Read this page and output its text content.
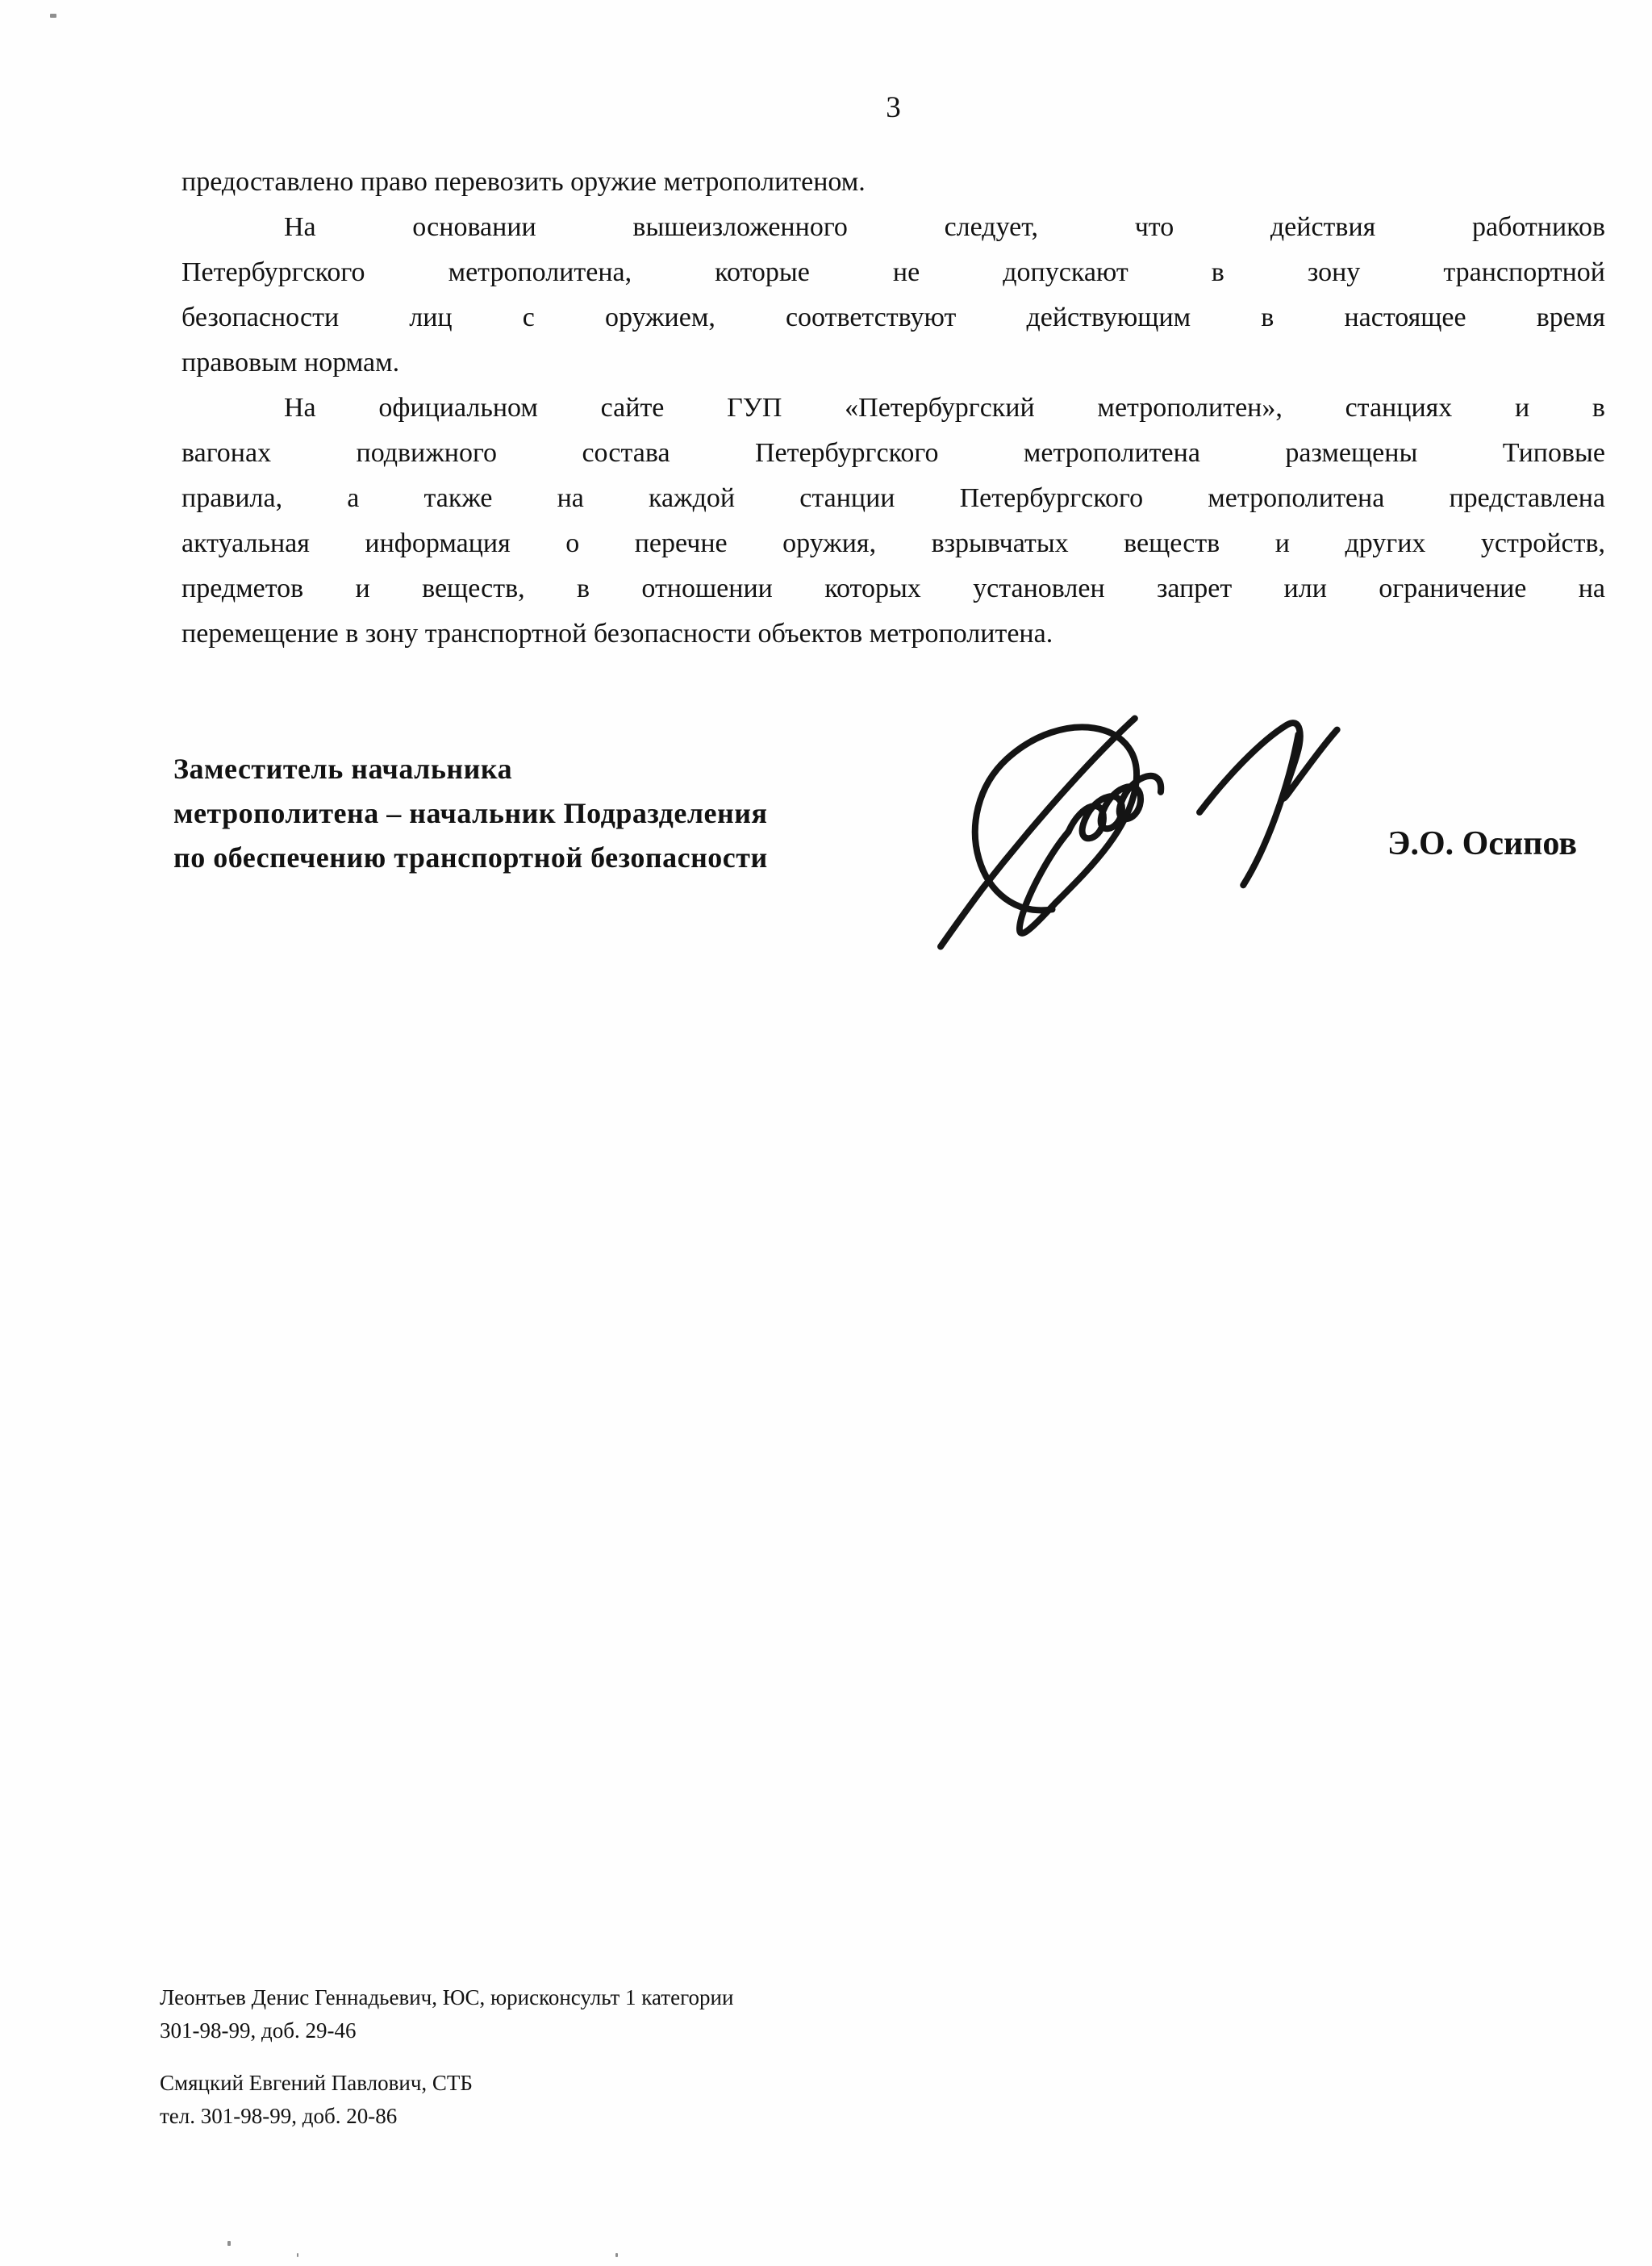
3
предоставлено право перевозить оружие метрополитеном.
На основании вышеизложенного следует, что действия работников
Петербургского метрополитена, которые не допускают в зону транспортной
безопасности лиц с оружием, соответствуют действующим в настоящее время
правовым нормам.
На официальном сайте ГУП «Петербургский метрополитен», станциях и в
вагонах подвижного состава Петербургского метрополитена размещены Типовые
правила, а также на каждой станции Петербургского метрополитена представлена
актуальная информация о перечне оружия, взрывчатых веществ и других устройств,
предметов и веществ, в отношении которых установлен запрет или ограничение на
перемещение в зону транспортной безопасности объектов метрополитена.
Заместитель начальника
метрополитена – начальник Подразделения
по обеспечению транспортной безопасности	Э.О. Осипов
Леонтьев Денис Геннадьевич, ЮС, юрисконсульт 1 категории
301-98-99, доб. 29-46
Смяцкий Евгений Павлович, СТБ
тел. 301-98-99, доб. 20-86
